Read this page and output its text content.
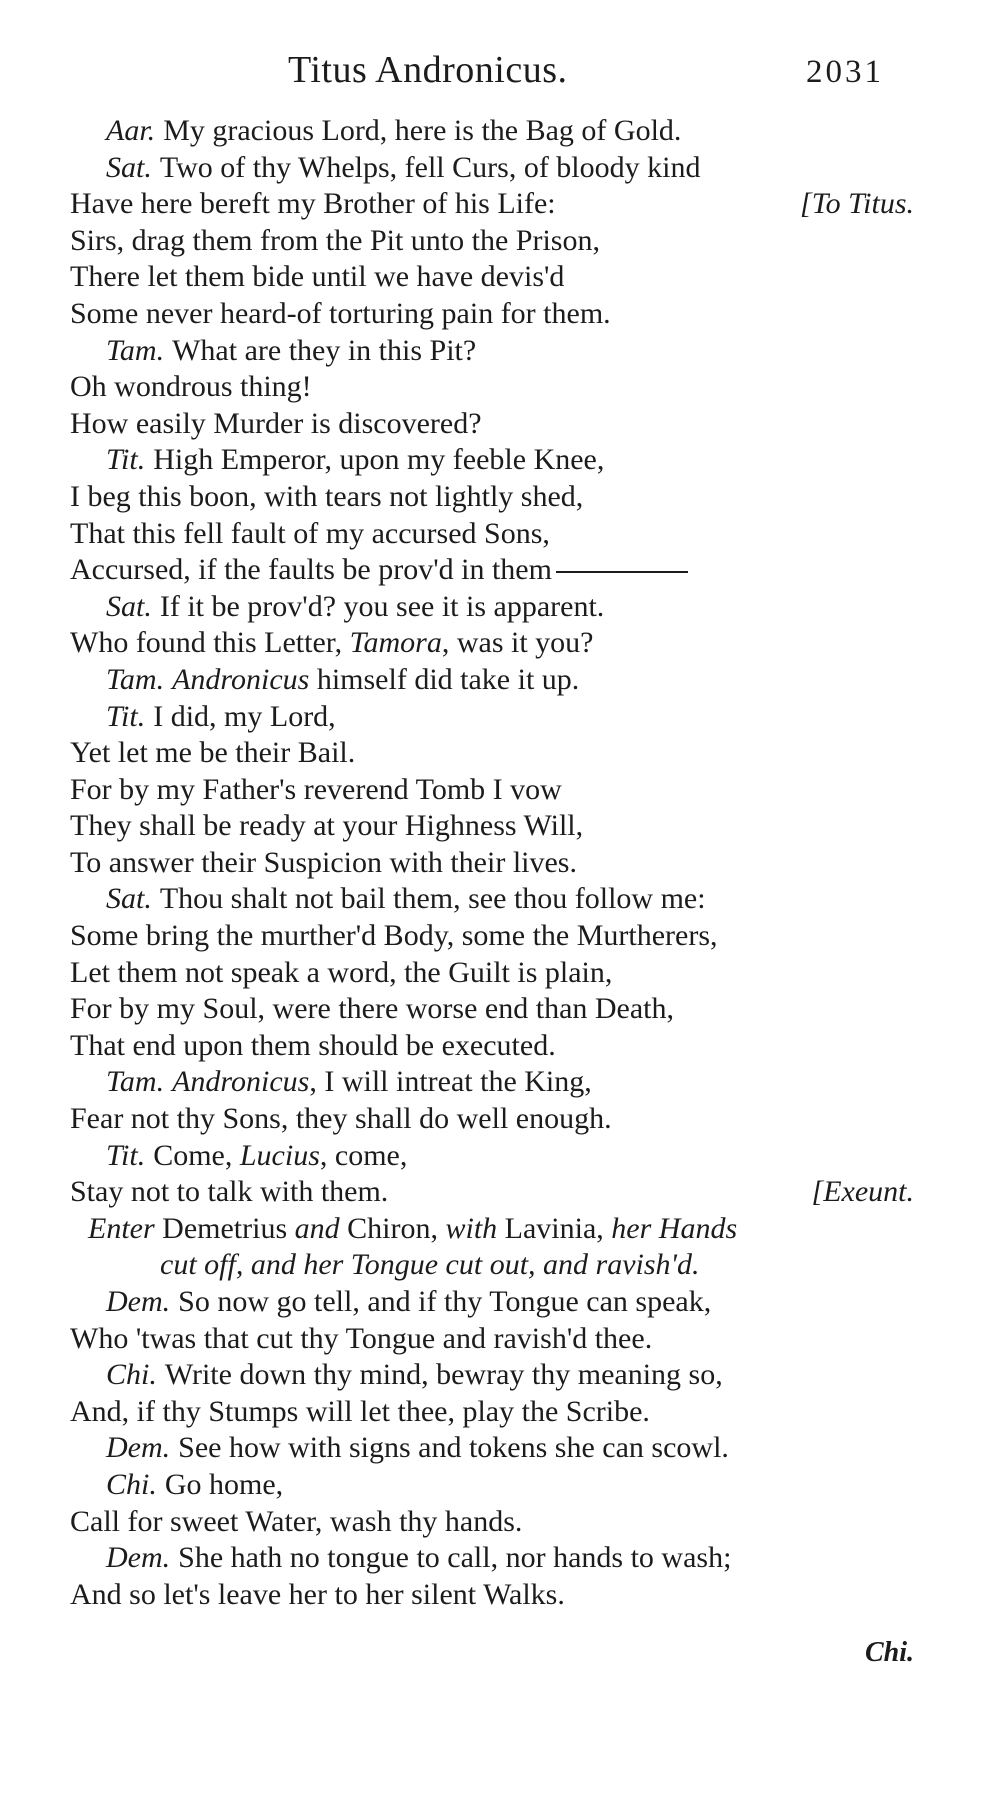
Titus Andronicus.	2031
Aar. My gracious Lord, here is the Bag of Gold.
Sat. Two of thy Whelps, fell Curs, of bloody kind
Have here bereft my Brother of his Life:	[To Titus.
Sirs, drag them from the Pit unto the Prison,
There let them bide until we have devis'd
Some never heard-of torturing pain for them.
Tam. What are they in this Pit?
Oh wondrous thing!
How easily Murder is discovered?
Tit. High Emperor, upon my feeble Knee,
I beg this boon, with tears not lightly shed,
That this fell fault of my accursed Sons,
Accursed, if the faults be prov'd in them
Sat. If it be prov'd? you see it is apparent.
Who found this Letter, Tamora, was it you?
Tam. Andronicus himself did take it up.
Tit. I did, my Lord,
Yet let me be their Bail.
For by my Father's reverend Tomb I vow
They shall be ready at your Highness Will,
To answer their Suspicion with their lives.
Sat. Thou shalt not bail them, see thou follow me:
Some bring the murther'd Body, some the Murtherers,
Let them not speak a word, the Guilt is plain,
For by my Soul, were there worse end than Death,
That end upon them should be executed.
Tam. Andronicus, I will intreat the King,
Fear not thy Sons, they shall do well enough.
Tit. Come, Lucius, come,
Stay not to talk with them.	[Exeunt.
Enter Demetrius and Chiron, with Lavinia, her Hands
cut off, and her Tongue cut out, and ravish'd.
Dem. So now go tell, and if thy Tongue can speak,
Who 'twas that cut thy Tongue and ravish'd thee.
Chi. Write down thy mind, bewray thy meaning so,
And, if thy Stumps will let thee, play the Scribe.
Dem. See how with signs and tokens she can scowl.
Chi. Go home,
Call for sweet Water, wash thy hands.
Dem. She hath no tongue to call, nor hands to wash;
And so let's leave her to her silent Walks.
Chi.
